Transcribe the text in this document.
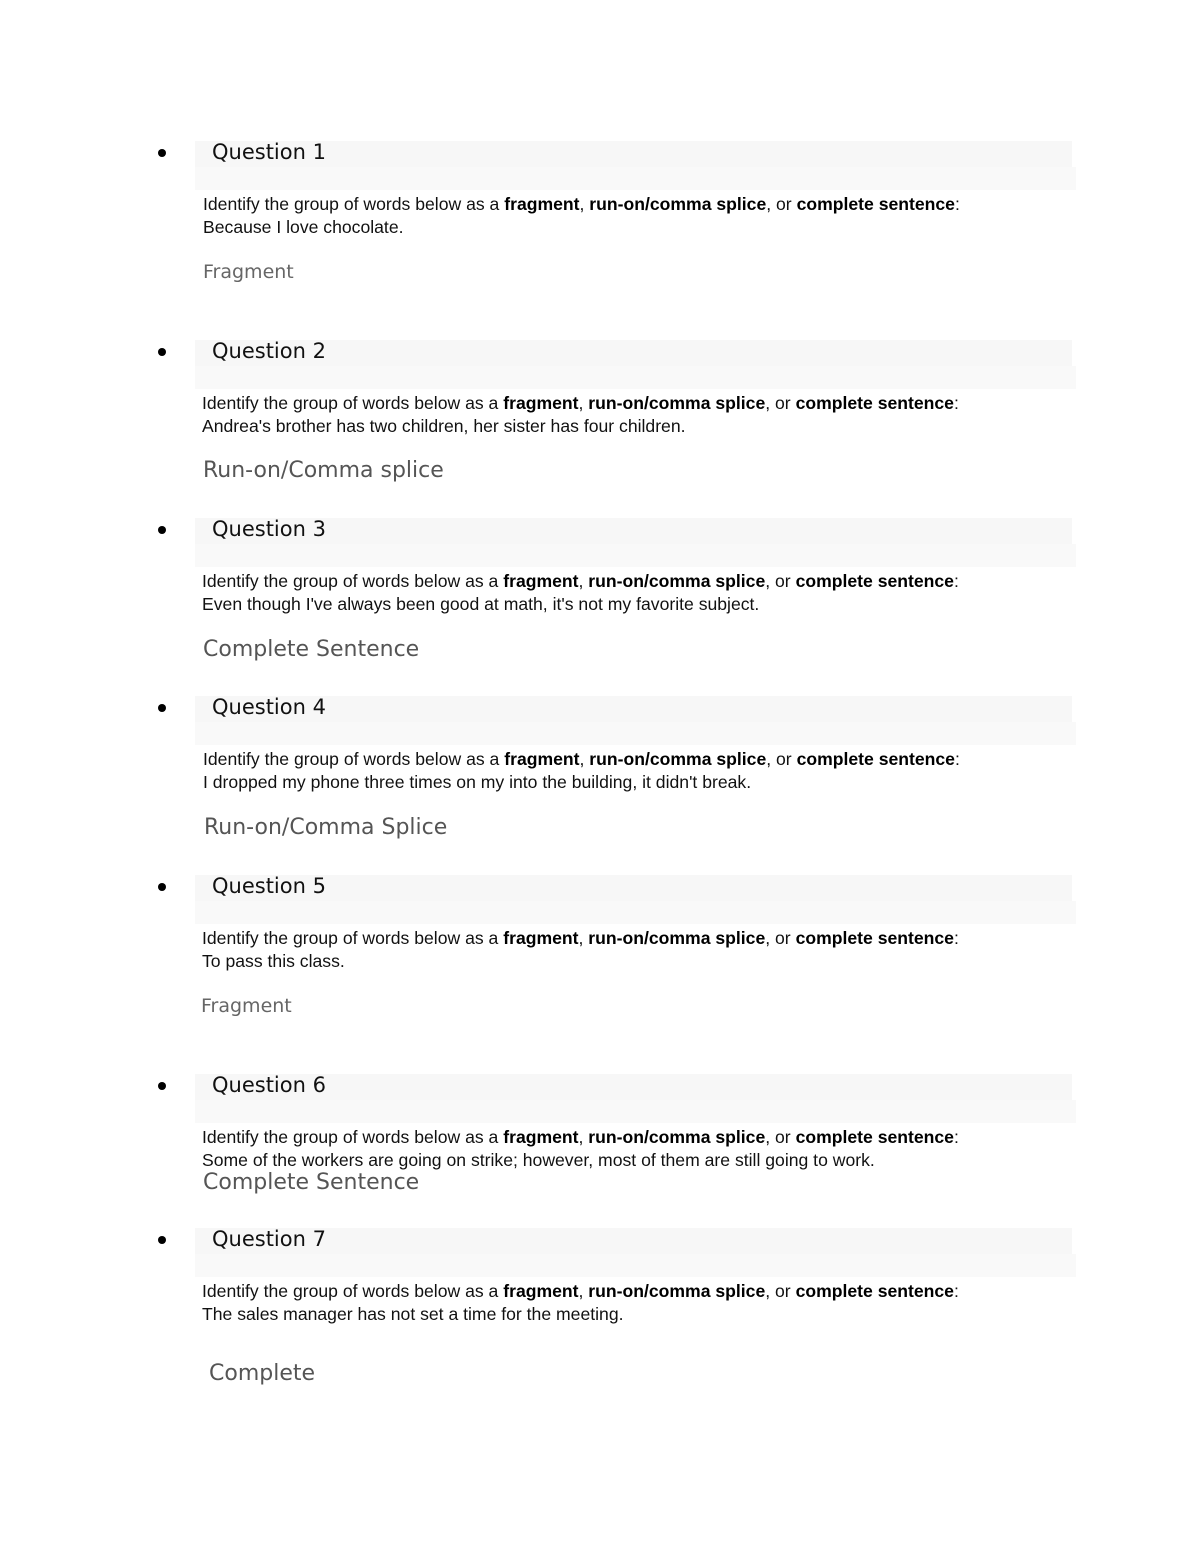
Question 1
Identify the group of words below as a fragment, run-on/comma splice, or complete sentence:
Because I love chocolate.
Fragment
Question 2
Identify the group of words below as a fragment, run-on/comma splice, or complete sentence:
Andrea's brother has two children, her sister has four children.
Run-on/Comma splice
Question 3
Identify the group of words below as a fragment, run-on/comma splice, or complete sentence:
Even though I've always been good at math, it's not my favorite subject.
Complete Sentence
Question 4
Identify the group of words below as a fragment, run-on/comma splice, or complete sentence:
I dropped my phone three times on my into the building, it didn't break.
Run-on/Comma Splice
Question 5
Identify the group of words below as a fragment, run-on/comma splice, or complete sentence:
To pass this class.
Fragment
Question 6
Identify the group of words below as a fragment, run-on/comma splice, or complete sentence:
Some of the workers are going on strike; however, most of them are still going to work.
Complete Sentence
Question 7
Identify the group of words below as a fragment, run-on/comma splice, or complete sentence:
The sales manager has not set a time for the meeting.
Complete
